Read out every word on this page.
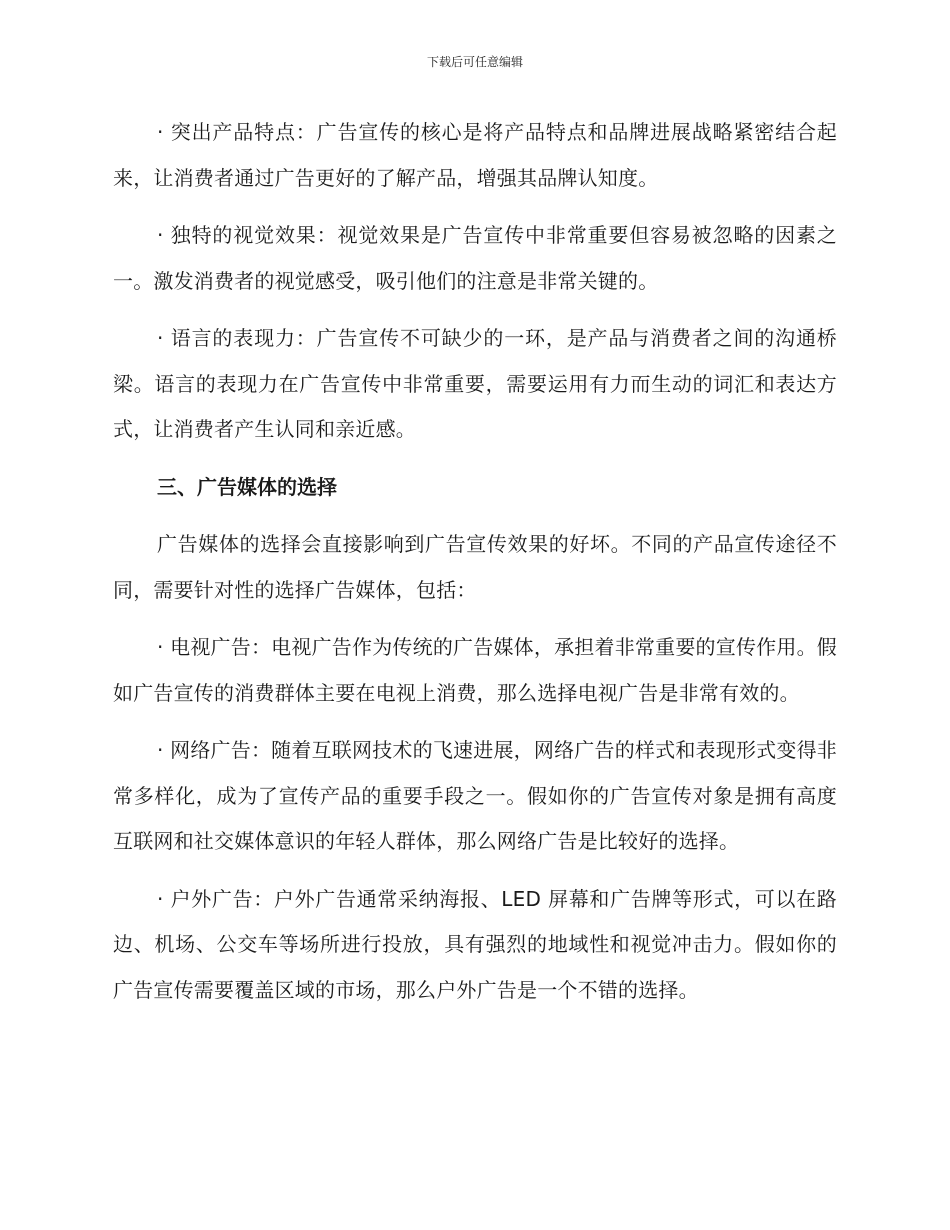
下载后可任意编辑

· 突出产品特点：广告宣传的核心是将产品特点和品牌进展战略紧密结合起来，让消费者通过广告更好的了解产品，增强其品牌认知度。

· 独特的视觉效果：视觉效果是广告宣传中非常重要但容易被忽略的因素之一。激发消费者的视觉感受，吸引他们的注意是非常关键的。

· 语言的表现力：广告宣传不可缺少的一环，是产品与消费者之间的沟通桥梁。语言的表现力在广告宣传中非常重要，需要运用有力而生动的词汇和表达方式，让消费者产生认同和亲近感。

三、广告媒体的选择

广告媒体的选择会直接影响到广告宣传效果的好坏。不同的产品宣传途径不同，需要针对性的选择广告媒体，包括：

· 电视广告：电视广告作为传统的广告媒体，承担着非常重要的宣传作用。假如广告宣传的消费群体主要在电视上消费，那么选择电视广告是非常有效的。

· 网络广告：随着互联网技术的飞速进展，网络广告的样式和表现形式变得非常多样化，成为了宣传产品的重要手段之一。假如你的广告宣传对象是拥有高度互联网和社交媒体意识的年轻人群体，那么网络广告是比较好的选择。

· 户外广告：户外广告通常采纳海报、LED 屏幕和广告牌等形式，可以在路边、机场、公交车等场所进行投放，具有强烈的地域性和视觉冲击力。假如你的广告宣传需要覆盖区域的市场，那么户外广告是一个不错的选择。
